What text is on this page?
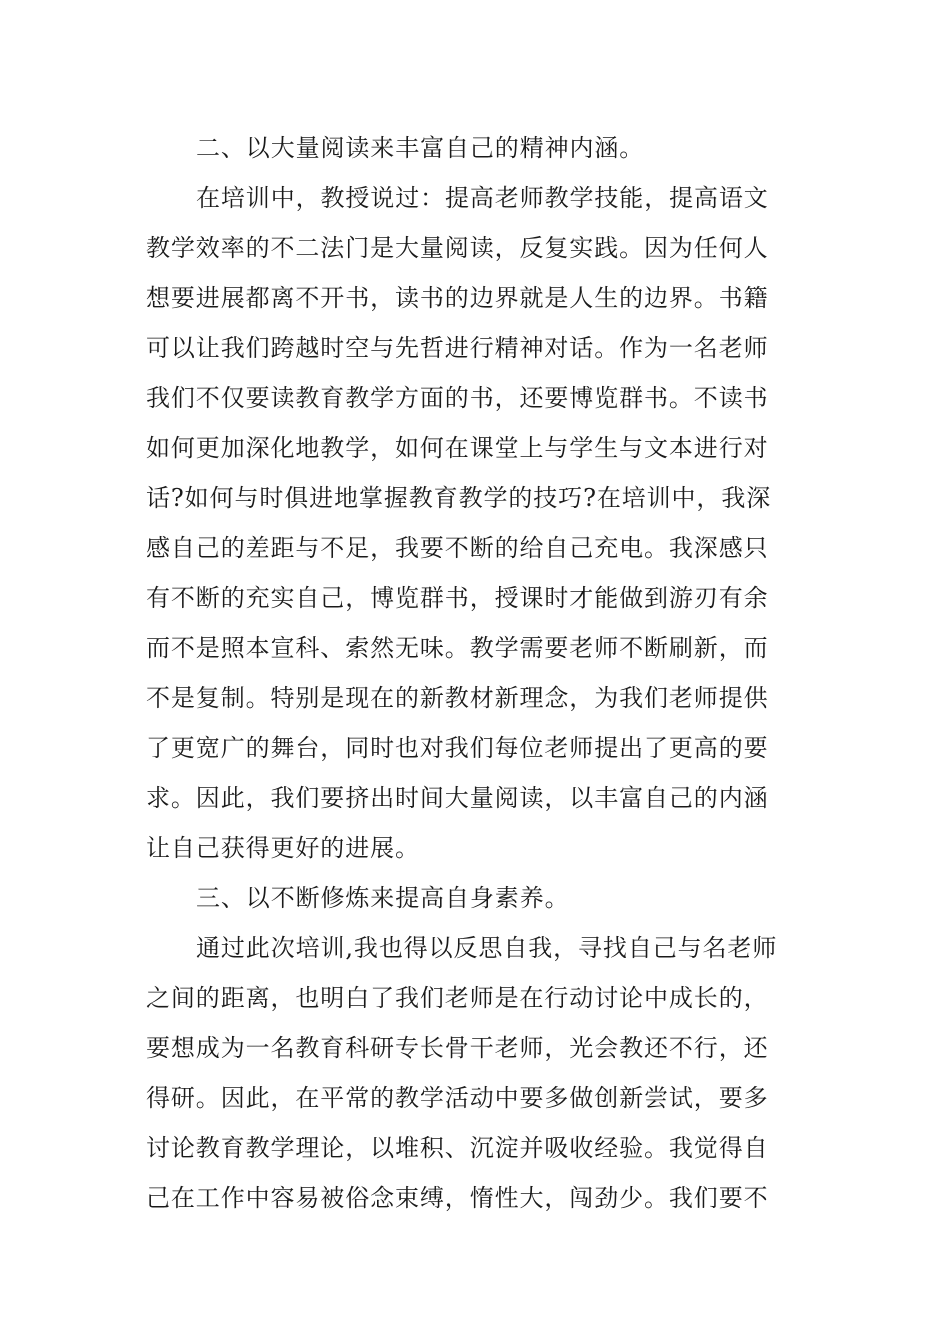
二、以大量阅读来丰富自己的精神内涵。

在培训中，教授说过：提高老师教学技能，提高语文

教学效率的不二法门是大量阅读，反复实践。因为任何人

想要进展都离不开书，读书的边界就是人生的边界。书籍

可以让我们跨越时空与先哲进行精神对话。作为一名老师

我们不仅要读教育教学方面的书，还要博览群书。不读书

如何更加深化地教学，如何在课堂上与学生与文本进行对

话?如何与时俱进地掌握教育教学的技巧?在培训中，我深

感自己的差距与不足，我要不断的给自己充电。我深感只

有不断的充实自己，博览群书，授课时才能做到游刃有余

而不是照本宣科、索然无味。教学需要老师不断刷新，而

不是复制。特别是现在的新教材新理念，为我们老师提供

了更宽广的舞台，同时也对我们每位老师提出了更高的要

求。因此，我们要挤出时间大量阅读，以丰富自己的内涵

让自己获得更好的进展。

三、以不断修炼来提高自身素养。

通过此次培训,我也得以反思自我，寻找自己与名老师

之间的距离，也明白了我们老师是在行动讨论中成长的，

要想成为一名教育科研专长骨干老师，光会教还不行，还

得研。因此，在平常的教学活动中要多做创新尝试，要多

讨论教育教学理论，以堆积、沉淀并吸收经验。我觉得自

己在工作中容易被俗念束缚，惰性大，闯劲少。我们要不
